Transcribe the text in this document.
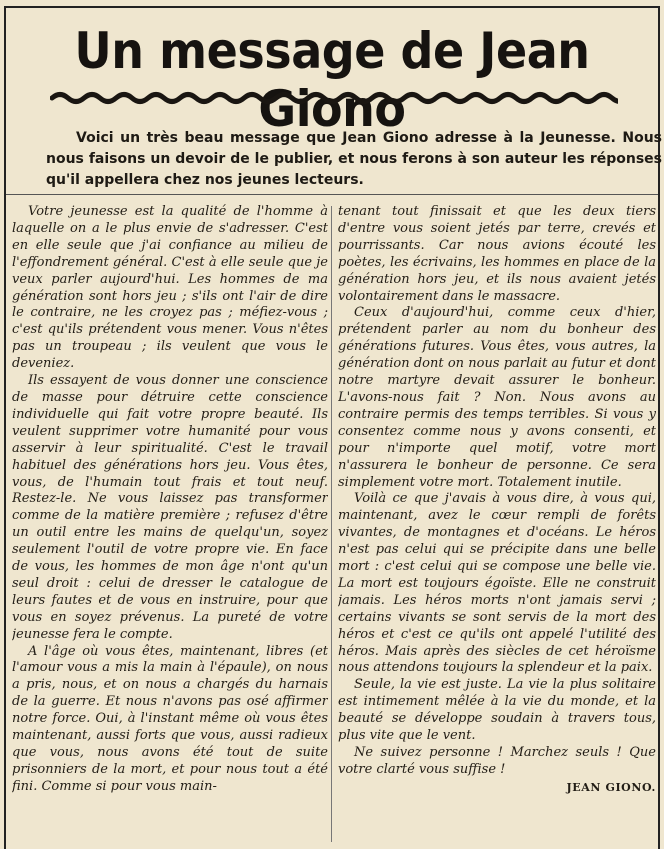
Un message de Jean Giono

Voici un très beau message que Jean Giono adresse à la Jeunesse. Nous nous faisons un devoir de le publier, et nous ferons à son auteur les réponses qu'il appellera chez nos jeunes lecteurs.

Votre jeunesse est la qualité de l'homme à laquelle on a le plus envie de s'adresser. C'est en elle seule que j'ai confiance au milieu de l'effondrement général. C'est à elle seule que je veux parler aujourd'hui. Les hommes de ma génération sont hors jeu ; s'ils ont l'air de dire le contraire, ne les croyez pas ; méfiez-vous ; c'est qu'ils prétendent vous mener. Vous n'êtes pas un troupeau ; ils veulent que vous le deveniez.

Ils essayent de vous donner une conscience de masse pour détruire cette conscience individuelle qui fait votre propre beauté. Ils veulent supprimer votre humanité pour vous asservir à leur spiritualité. C'est le travail habituel des générations hors jeu. Vous êtes, vous, de l'humain tout frais et tout neuf. Restez-le. Ne vous laissez pas transformer comme de la matière première ; refusez d'être un outil entre les mains de quelqu'un, soyez seulement l'outil de votre propre vie. En face de vous, les hommes de mon âge n'ont qu'un seul droit : celui de dresser le catalogue de leurs fautes et de vous en instruire, pour que vous en soyez prévenus. La pureté de votre jeunesse fera le compte.

A l'âge où vous êtes, maintenant, libres (et l'amour vous a mis la main à l'épaule), on nous a pris, nous, et on nous a chargés du harnais de la guerre. Et nous n'avons pas osé affirmer notre force. Oui, à l'instant même où vous êtes maintenant, aussi forts que vous, aussi radieux que vous, nous avons été tout de suite prisonniers de la mort, et pour nous tout a été fini. Comme si pour vous main-

tenant tout finissait et que les deux tiers d'entre vous soient jetés par terre, crevés et pourrissants. Car nous avions écouté les poètes, les écrivains, les hommes en place de la génération hors jeu, et ils nous avaient jetés volontairement dans le massacre.

Ceux d'aujourd'hui, comme ceux d'hier, prétendent parler au nom du bonheur des générations futures. Vous êtes, vous autres, la génération dont on nous parlait au futur et dont notre martyre devait assurer le bonheur. L'avons-nous fait ? Non. Nous avons au contraire permis des temps terribles. Si vous y consentez comme nous y avons consenti, et pour n'importe quel motif, votre mort n'assurera le bonheur de personne. Ce sera simplement votre mort. Totalement inutile.

Voilà ce que j'avais à vous dire, à vous qui, maintenant, avez le cœur rempli de forêts vivantes, de montagnes et d'océans. Le héros n'est pas celui qui se précipite dans une belle mort : c'est celui qui se compose une belle vie. La mort est toujours égoïste. Elle ne construit jamais. Les héros morts n'ont jamais servi ; certains vivants se sont servis de la mort des héros et c'est ce qu'ils ont appelé l'utilité des héros. Mais après des siècles de cet héroïsme nous attendons toujours la splendeur et la paix.

Seule, la vie est juste. La vie la plus solitaire est intimement mêlée à la vie du monde, et la beauté se développe soudain à travers tous, plus vite que le vent.

Ne suivez personne ! Marchez seuls ! Que votre clarté vous suffise !

JEAN GIONO.
